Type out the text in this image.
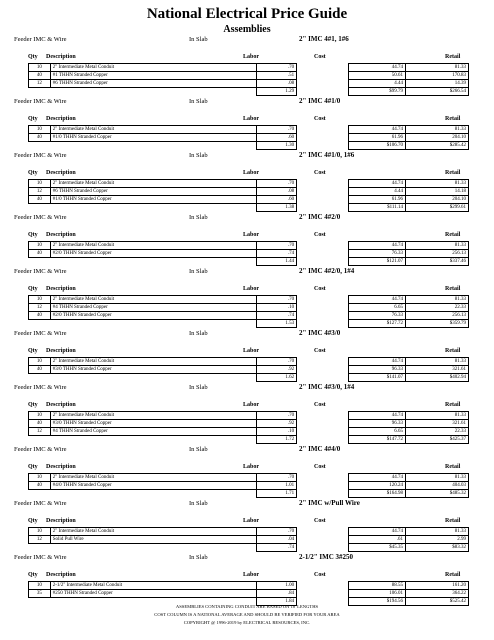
National Electrical Price Guide
Assemblies
Feeder IMC & Wire	In Slab	2" IMC 4#1, 1#6
Qty Description	Labor	Cost	Retail
10	2" Intermediate Metal Conduit	.70		44.74	81.33
40	#1 THHN Stranded Copper	.51		50.61	170.83
12	#6 THHN Stranded Copper	.08		4.44	14.39
		1.29		$99.79	$266.54
Feeder IMC & Wire	In Slab	2" IMC 4#1/0
Qty Description	Labor	Cost	Retail
10	2" Intermediate Metal Conduit	.70		44.74	81.33
40	#1/0 THHN Stranded Copper	.60		61.96	204.10
		1.30		$106.70	$285.42
Feeder IMC & Wire	In Slab	2" IMC 4#1/0, 1#6
Qty Description	Labor	Cost	Retail
10	2" Intermediate Metal Conduit	.70		44.74	81.33
12	#6 THHN Stranded Copper	.08		4.44	14.18
40	#1/0 THHN Stranded Copper	.60		61.96	204.10
		1.38		$111.14	$299.61
Feeder IMC & Wire	In Slab	2" IMC 4#2/0
Qty Description	Labor	Cost	Retail
10	2" Intermediate Metal Conduit	.70		44.74	81.33
40	#2/0 THHN Stranded Copper	.74		76.33	256.13
		1.44		$121.07	$337.46
Feeder IMC & Wire	In Slab	2" IMC 4#2/0, 1#4
Qty Description	Labor	Cost	Retail
10	2" Intermediate Metal Conduit	.70		44.74	81.33
12	#4 THHN Stranded Copper	.10		6.65	22.33
40	#2/0 THHN Stranded Copper	.74		76.33	256.13
		1.53		$127.72	$359.79
Feeder IMC & Wire	In Slab	2" IMC 4#3/0
Qty Description	Labor	Cost	Retail
10	2" Intermediate Metal Conduit	.70		44.74	81.33
40	#3/0 THHN Stranded Copper	.92		96.33	321.61
		1.62		$141.07	$402.94
Feeder IMC & Wire	In Slab	2" IMC 4#3/0, 1#4
Qty Description	Labor	Cost	Retail
10	2" Intermediate Metal Conduit	.70		44.74	81.33
40	#3/0 THHN Stranded Copper	.92		96.33	321.61
12	#4 THHN Stranded Copper	.10		6.65	22.33
		1.72		$147.72	$425.37
Feeder IMC & Wire	In Slab	2" IMC 4#4/0
Qty Description	Labor	Cost	Retail
10	2" Intermediate Metal Conduit	.70		44.74	81.33
40	#4/0 THHN Stranded Copper	1.01		120.24	404.03
		1.71		$164.98	$485.32
Feeder IMC & Wire	In Slab	2" IMC w/Pull Wire
Qty Description	Labor	Cost	Retail
10	2" Intermediate Metal Conduit	.70		44.74	81.33
12	Solid Pull Wire	.04		.61	2.99
		.74		$45.35	$83.32
Feeder IMC & Wire	In Slab	2-1/2" IMC 3#250
Qty Description	Labor	Cost	Retail
10	2-1/2" Intermediate Metal Conduit	1.00		88.55	161.20
35	#250 THHN Stranded Copper	.84		106.01	364.22
		1.84		$194.56	$525.42
ASSEMBLIES CONTAINING CONDUIT ARE BASED ON 10' LENGTHS
COST COLUMN IS A NATIONAL AVERAGE AND SHOULD BE VERIFIED FOR YOUR AREA
COPYRIGHT @ 1996-2019 by ELECTRICAL RESOURCES, INC.
